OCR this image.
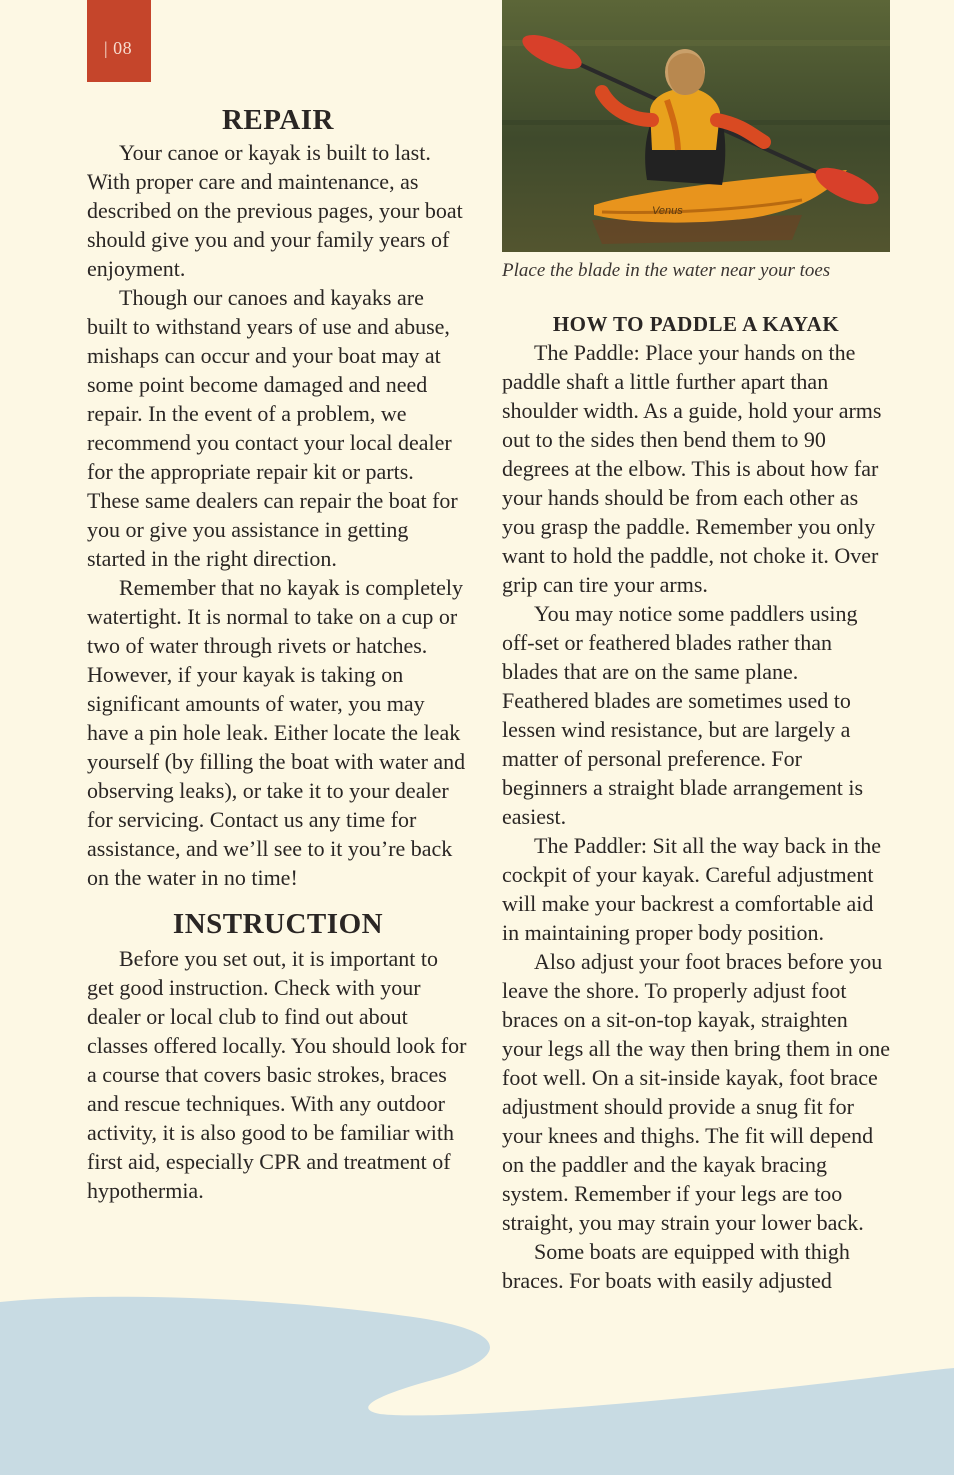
| 08
REPAIR

Your canoe or kayak is built to last. With proper care and maintenance, as described on the previous pages, your boat should give you and your family years of enjoyment.

Though our canoes and kayaks are built to withstand years of use and abuse, mishaps can occur and your boat may at some point become damaged and need repair. In the event of a problem, we recommend you contact your local dealer for the appropriate repair kit or parts. These same dealers can repair the boat for you or give you assistance in getting started in the right direction.

Remember that no kayak is completely watertight. It is normal to take on a cup or two of water through rivets or hatches. However, if your kayak is taking on significant amounts of water, you may have a pin hole leak. Either locate the leak yourself (by filling the boat with water and observing leaks), or take it to your dealer for servicing. Contact us any time for assistance, and we’ll see to it you’re back on the water in no time!

INSTRUCTION

Before you set out, it is important to get good instruction. Check with your dealer or local club to find out about classes offered locally. You should look for a course that covers basic strokes, braces and rescue techniques. With any outdoor activity, it is also good to be familiar with first aid, especially CPR and treatment of hypothermia.

Venus
Place the blade in the water near your toes
HOW TO PADDLE A KAYAK

The Paddle: Place your hands on the paddle shaft a little further apart than shoulder width. As a guide, hold your arms out to the sides then bend them to 90 degrees at the elbow. This is about how far your hands should be from each other as you grasp the paddle. Remember you only want to hold the paddle, not choke it. Over grip can tire your arms.

You may notice some paddlers using off-set or feathered blades rather than blades that are on the same plane. Feathered blades are sometimes used to lessen wind resistance, but are largely a matter of personal preference. For beginners a straight blade arrangement is easiest.

The Paddler: Sit all the way back in the cockpit of your kayak. Careful adjustment will make your backrest a comfortable aid in maintaining proper body position.

Also adjust your foot braces before you leave the shore. To properly adjust foot braces on a sit-on-top kayak, straighten your legs all the way then bring them in one foot well. On a sit-inside kayak, foot brace adjustment should provide a snug fit for your knees and thighs. The fit will depend on the paddler and the kayak bracing system. Remember if your legs are too straight, you may strain your lower back.

Some boats are equipped with thigh braces. For boats with easily adjusted
